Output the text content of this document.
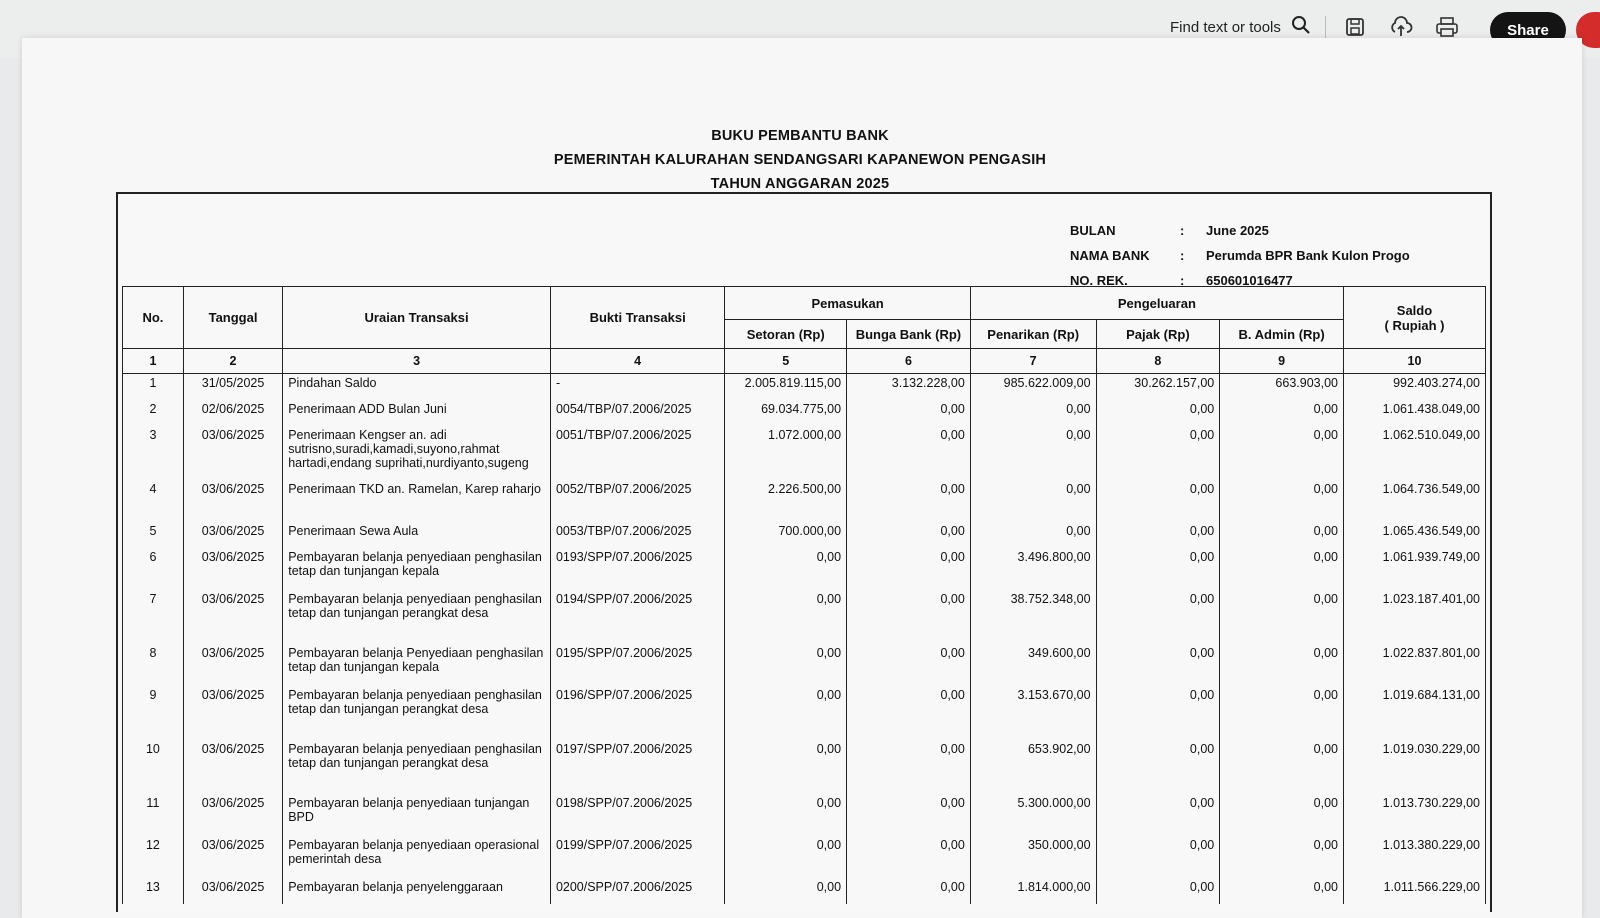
Find text or tools	Share
BUKU PEMBANTU BANK
PEMERINTAH KALURAHAN SENDANGSARI KAPANEWON PENGASIH
TAHUN ANGGARAN 2025
BULAN	:	June 2025
NAMA BANK	:	Perumda BPR Bank Kulon Progo
NO. REK.	:	650601016477
No.	Tanggal	Uraian Transaksi	Bukti Transaksi	Pemasukan		Pengeluaran			Saldo
( Rupiah )

				Setoran (Rp)	Bunga Bank (Rp)	Penarikan (Rp)	Pajak (Rp)	B. Admin (Rp)	
1	2	3	4	5	6	7	8	9	10
1	31/05/2025	Pindahan Saldo	-	2.005.819.115,00	3.132.228,00	985.622.009,00	30.262.157,00	663.903,00	992.403.274,00
2	02/06/2025	Penerimaan ADD Bulan Juni	0054/TBP/07.2006/2025	69.034.775,00	0,00	0,00	0,00	0,00	1.061.438.049,00
3	03/06/2025	Penerimaan Kengser an. adi sutrisno,suradi,kamadi,suyono,rahmat hartadi,endang suprihati,nurdiyanto,sugeng	0051/TBP/07.2006/2025	1.072.000,00	0,00	0,00	0,00	0,00	1.062.510.049,00
4	03/06/2025	Penerimaan TKD an. Ramelan, Karep raharjo	0052/TBP/07.2006/2025	2.226.500,00	0,00	0,00	0,00	0,00	1.064.736.549,00
5	03/06/2025	Penerimaan Sewa Aula	0053/TBP/07.2006/2025	700.000,00	0,00	0,00	0,00	0,00	1.065.436.549,00
6	03/06/2025	Pembayaran belanja penyediaan penghasilan tetap dan tunjangan kepala	0193/SPP/07.2006/2025	0,00	0,00	3.496.800,00	0,00	0,00	1.061.939.749,00
7	03/06/2025	Pembayaran belanja penyediaan penghasilan tetap dan tunjangan perangkat desa	0194/SPP/07.2006/2025	0,00	0,00	38.752.348,00	0,00	0,00	1.023.187.401,00
8	03/06/2025	Pembayaran belanja Penyediaan penghasilan tetap dan tunjangan kepala	0195/SPP/07.2006/2025	0,00	0,00	349.600,00	0,00	0,00	1.022.837.801,00
9	03/06/2025	Pembayaran belanja penyediaan penghasilan tetap dan tunjangan perangkat desa	0196/SPP/07.2006/2025	0,00	0,00	3.153.670,00	0,00	0,00	1.019.684.131,00
10	03/06/2025	Pembayaran belanja penyediaan penghasilan tetap dan tunjangan perangkat desa	0197/SPP/07.2006/2025	0,00	0,00	653.902,00	0,00	0,00	1.019.030.229,00
11	03/06/2025	Pembayaran belanja penyediaan tunjangan BPD	0198/SPP/07.2006/2025	0,00	0,00	5.300.000,00	0,00	0,00	1.013.730.229,00
12	03/06/2025	Pembayaran belanja penyediaan operasional pemerintah desa	0199/SPP/07.2006/2025	0,00	0,00	350.000,00	0,00	0,00	1.013.380.229,00
13	03/06/2025	Pembayaran belanja penyelenggaraan	0200/SPP/07.2006/2025	0,00	0,00	1.814.000,00	0,00	0,00	1.011.566.229,00
